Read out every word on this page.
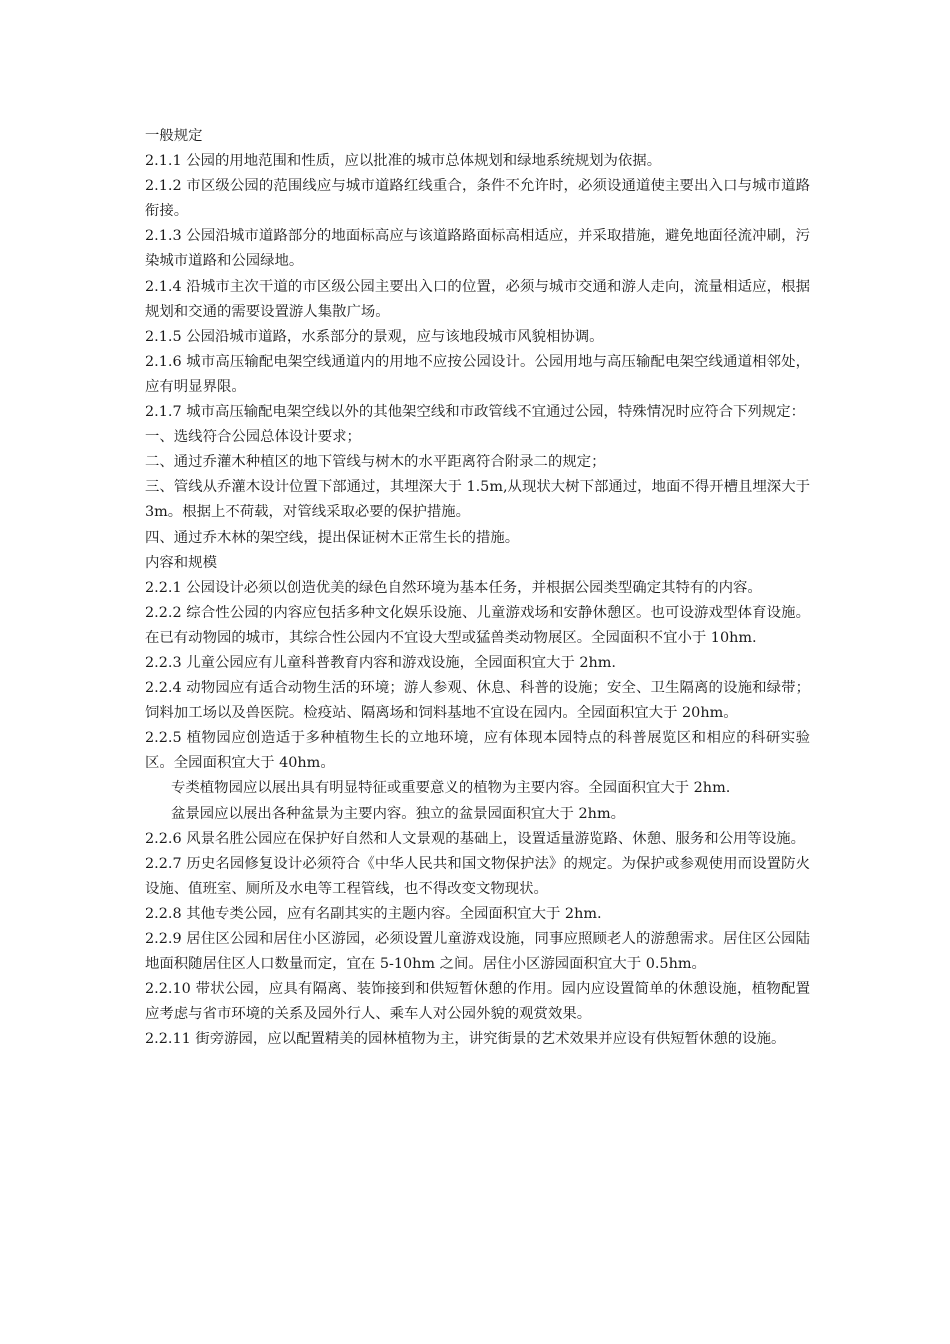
一般规定

2.1.1 公园的用地范围和性质，应以批准的城市总体规划和绿地系统规划为依据。

2.1.2 市区级公园的范围线应与城市道路红线重合，条件不允许时，必须设通道使主要出入口与城市道路衔接。

2.1.3 公园沿城市道路部分的地面标高应与该道路路面标高相适应，并采取措施，避免地面径流冲刷，污染城市道路和公园绿地。

2.1.4 沿城市主次干道的市区级公园主要出入口的位置，必须与城市交通和游人走向，流量相适应，根据规划和交通的需要设置游人集散广场。

2.1.5 公园沿城市道路，水系部分的景观，应与该地段城市风貌相协调。

2.1.6 城市高压输配电架空线通道内的用地不应按公园设计。公园用地与高压输配电架空线通道相邻处，应有明显界限。

2.1.7 城市高压输配电架空线以外的其他架空线和市政管线不宜通过公园，特殊情况时应符合下列规定：

一、选线符合公园总体设计要求；

二、通过乔灌木种植区的地下管线与树木的水平距离符合附录二的规定；

三、管线从乔灌木设计位置下部通过，其埋深大于 1.5m,从现状大树下部通过，地面不得开槽且埋深大于 3m。根据上不荷载，对管线采取必要的保护措施。

四、通过乔木林的架空线，提出保证树木正常生长的措施。

内容和规模

2.2.1 公园设计必须以创造优美的绿色自然环境为基本任务，并根据公园类型确定其特有的内容。

2.2.2 综合性公园的内容应包括多种文化娱乐设施、儿童游戏场和安静休憩区。也可设游戏型体育设施。在已有动物园的城市，其综合性公园内不宜设大型或猛兽类动物展区。全园面积不宜小于 10hm.

2.2.3 儿童公园应有儿童科普教育内容和游戏设施，全园面积宜大于 2hm.

2.2.4 动物园应有适合动物生活的环境；游人参观、休息、科普的设施；安全、卫生隔离的设施和绿带；饲料加工场以及兽医院。检疫站、隔离场和饲料基地不宜设在园内。全园面积宜大于 20hm。

2.2.5 植物园应创造适于多种植物生长的立地环境，应有体现本园特点的科普展览区和相应的科研实验区。全园面积宜大于 40hm。

专类植物园应以展出具有明显特征或重要意义的植物为主要内容。全园面积宜大于 2hm.

盆景园应以展出各种盆景为主要内容。独立的盆景园面积宜大于 2hm。

2.2.6 风景名胜公园应在保护好自然和人文景观的基础上，设置适量游览路、休憩、服务和公用等设施。

2.2.7 历史名园修复设计必须符合《中华人民共和国文物保护法》的规定。为保护或参观使用而设置防火设施、值班室、厕所及水电等工程管线，也不得改变文物现状。

2.2.8 其他专类公园，应有名副其实的主题内容。全园面积宜大于 2hm.

2.2.9 居住区公园和居住小区游园，必须设置儿童游戏设施，同事应照顾老人的游憩需求。居住区公园陆地面积随居住区人口数量而定，宜在 5-10hm 之间。居住小区游园面积宜大于 0.5hm。

2.2.10 带状公园，应具有隔离、装饰接到和供短暂休憩的作用。园内应设置简单的休憩设施，植物配置应考虑与省市环境的关系及园外行人、乘车人对公园外貌的观赏效果。

2.2.11 街旁游园，应以配置精美的园林植物为主，讲究街景的艺术效果并应设有供短暂休憩的设施。
